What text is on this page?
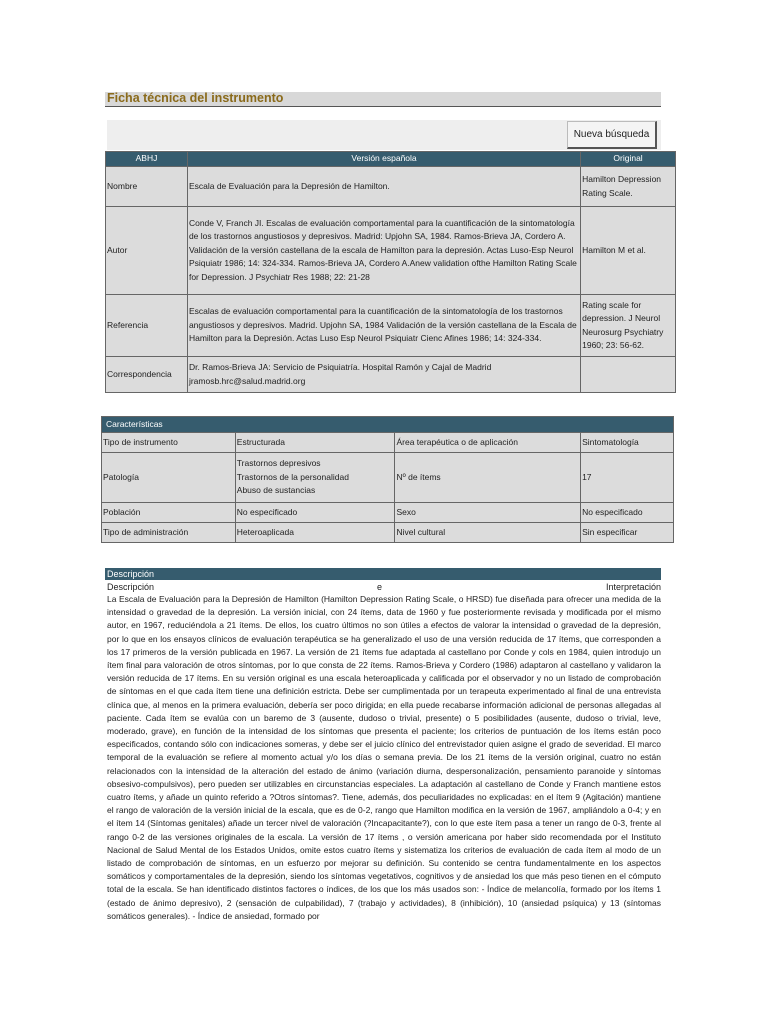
Ficha técnica del instrumento
Nueva búsqueda
ABHJ	Versión española	Original
Nombre	Escala de Evaluación para la Depresión de Hamilton.	Hamilton Depression Rating Scale.
Autor	Conde V, Franch JI. Escalas de evaluación comportamental para la cuantificación de la sintomatología de los trastornos angustiosos y depresivos. Madrid: Upjohn SA, 1984. Ramos-Brieva JA, Cordero A. Validación de la versión castellana de la escala de Hamilton para la depresión. Actas Luso-Esp Neurol Psiquiatr 1986; 14: 324-334. Ramos-Brieva JA, Cordero A.Anew validation ofthe Hamilton Rating Scale for Depression. J Psychiatr Res 1988; 22: 21-28	Hamilton M et al.
Referencia	Escalas de evaluación comportamental para la cuantificación de la sintomatología de los trastornos angustiosos y depresivos. Madrid. Upjohn SA, 1984 Validación de la versión castellana de la Escala de Hamilton para la Depresión. Actas Luso Esp Neurol Psiquiatr Cienc Afines 1986; 14: 324-334.	Rating scale for depression. J Neurol Neurosurg Psychiatry 1960; 23: 56-62.
Correspondencia	Dr. Ramos-Brieva JA: Servicio de Psiquiatría. Hospital Ramón y Cajal de Madrid
jramosb.hrc@salud.madrid.org	

Características			
Tipo de instrumento	Estructurada	Área terapéutica o de aplicación	Sintomatología
Patología	Trastornos depresivos
Trastornos de la personalidad
Abuso de sustancias	Nº de ítems	17
Población	No especificado	Sexo	No especificado
Tipo de administración	Heteroaplicada	Nivel cultural	Sin especificar
Descripción
Descripción	e	Interpretación
La Escala de Evaluación para la Depresión de Hamilton (Hamilton Depression Rating Scale, o HRSD) fue diseñada para ofrecer una medida de la intensidad o gravedad de la depresión. La versión inicial, con 24 ítems, data de 1960 y fue posteriormente revisada y modificada por el mismo autor, en 1967, reduciéndola a 21 ítems. De ellos, los cuatro últimos no son útiles a efectos de valorar la intensidad o gravedad de la depresión, por lo que en los ensayos clínicos de evaluación terapéutica se ha generalizado el uso de una versión reducida de 17 ítems, que corresponden a los 17 primeros de la versión publicada en 1967. La versión de 21 ítems fue adaptada al castellano por Conde y cols en 1984, quien introdujo un ítem final para valoración de otros síntomas, por lo que consta de 22 ítems. Ramos-Brieva y Cordero (1986) adaptaron al castellano y validaron la versión reducida de 17 ítems. En su versión original es una escala heteroaplicada y calificada por el observador y no un listado de comprobación de síntomas en el que cada ítem tiene una definición estricta. Debe ser cumplimentada por un terapeuta experimentado al final de una entrevista clínica que, al menos en la primera evaluación, debería ser poco dirigida; en ella puede recabarse información adicional de personas allegadas al paciente. Cada ítem se evalúa con un baremo de 3 (ausente, dudoso o trivial, presente) o 5 posibilidades (ausente, dudoso o trivial, leve, moderado, grave), en función de la intensidad de los síntomas que presenta el paciente; los criterios de puntuación de los ítems están poco especificados, contando sólo con indicaciones someras, y debe ser el juicio clínico del entrevistador quien asigne el grado de severidad. El marco temporal de la evaluación se refiere al momento actual y/o los días o semana previa. De los 21 ítems de la versión original, cuatro no están relacionados con la intensidad de la alteración del estado de ánimo (variación diurna, despersonalización, pensamiento paranoide y síntomas obsesivo-compulsivos), pero pueden ser utilizables en circunstancias especiales. La adaptación al castellano de Conde y Franch mantiene estos cuatro ítems, y añade un quinto referido a ?Otros síntomas?. Tiene, además, dos peculiaridades no explicadas: en el ítem 9 (Agitación) mantiene el rango de valoración de la versión inicial de la escala, que es de 0-2, rango que Hamilton modifica en la versión de 1967, ampliándolo a 0-4; y en el ítem 14 (Síntomas genitales) añade un tercer nivel de valoración (?Incapacitante?), con lo que este ítem pasa a tener un rango de 0-3, frente al rango 0-2 de las versiones originales de la escala. La versión de 17 ítems , o versión americana por haber sido recomendada por el Instituto Nacional de Salud Mental de los Estados Unidos, omite estos cuatro ítems y sistematiza los criterios de evaluación de cada ítem al modo de un listado de comprobación de síntomas, en un esfuerzo por mejorar su definición. Su contenido se centra fundamentalmente en los aspectos somáticos y comportamentales de la depresión, siendo los síntomas vegetativos, cognitivos y de ansiedad los que más peso tienen en el cómputo total de la escala. Se han identificado distintos factores o índices, de los que los más usados son: - Índice de melancolía, formado por los ítems 1 (estado de ánimo depresivo), 2 (sensación de culpabilidad), 7 (trabajo y actividades), 8 (inhibición), 10 (ansiedad psíquica) y 13 (síntomas somáticos generales). - Índice de ansiedad, formado por
